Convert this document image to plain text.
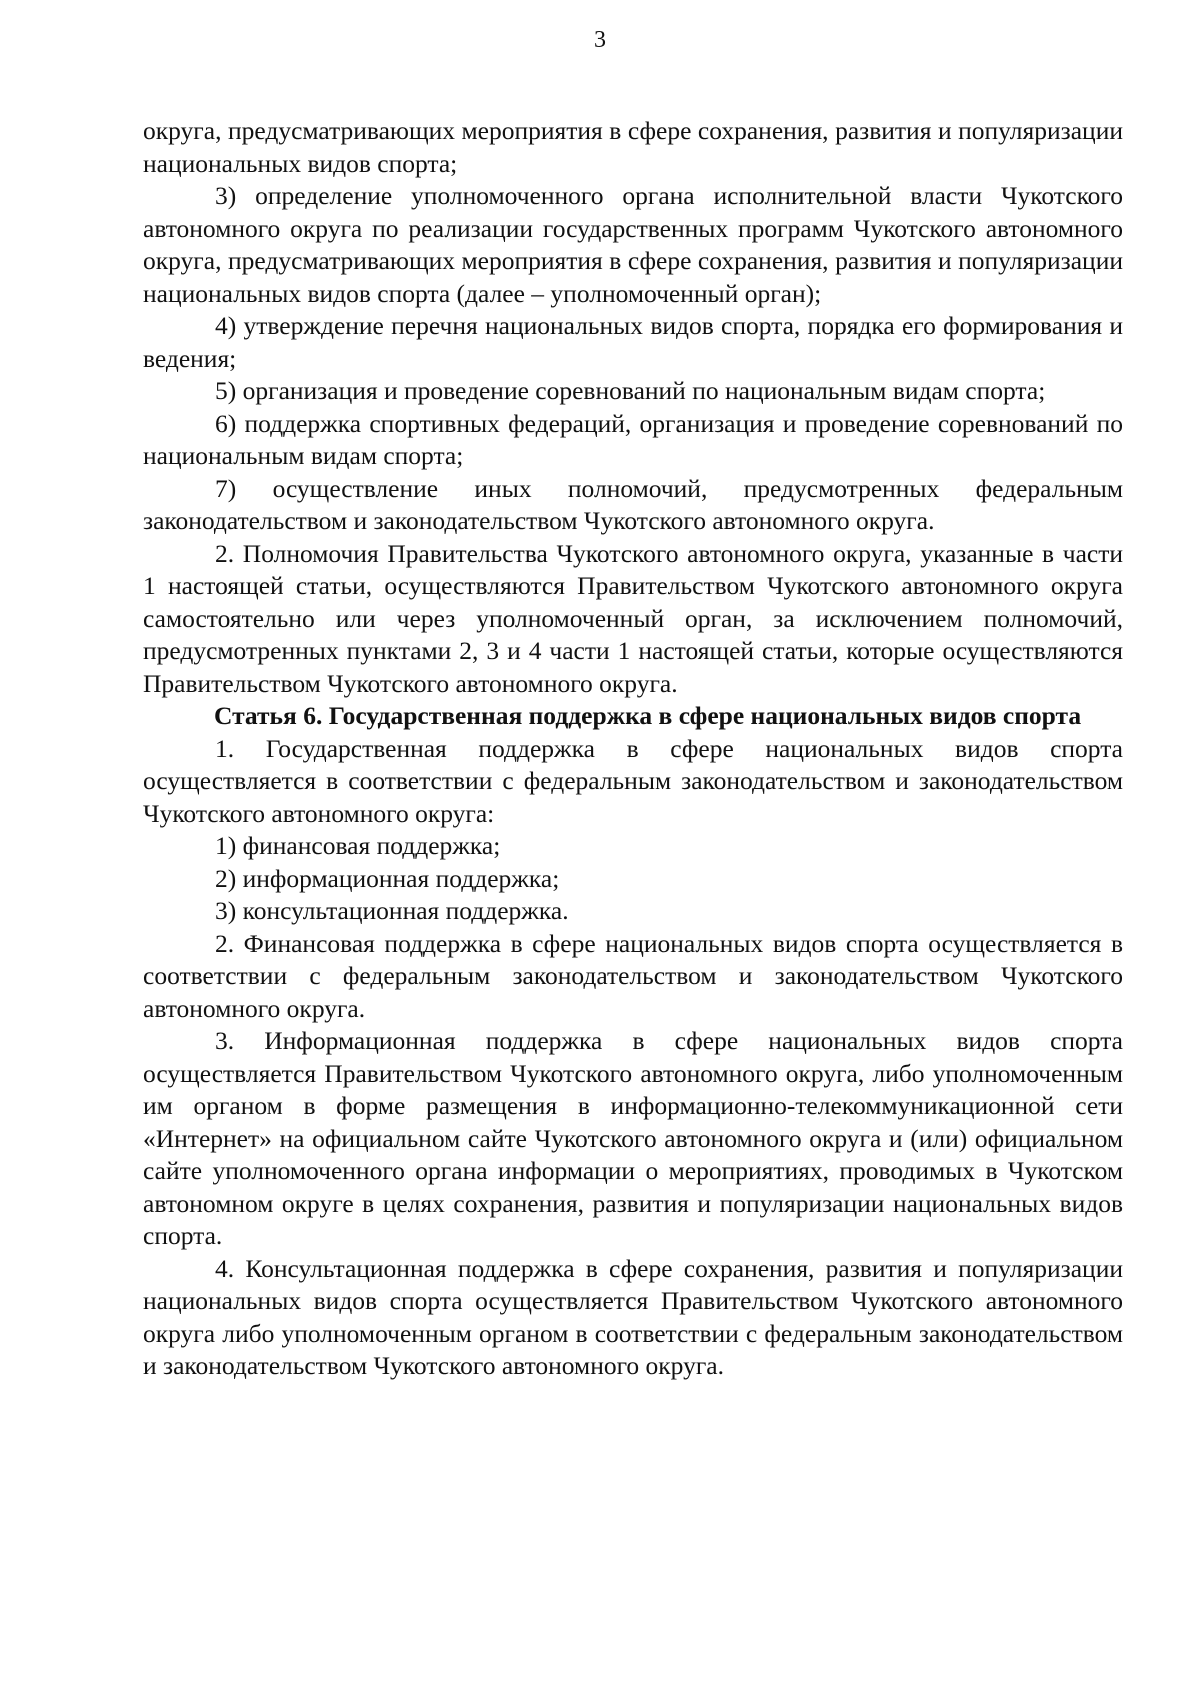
3

округа, предусматривающих мероприятия в сфере сохранения, развития и популяризации национальных видов спорта;

3) определение уполномоченного органа исполнительной власти Чукотского автономного округа по реализации государственных программ Чукотского автономного округа, предусматривающих мероприятия в сфере сохранения, развития и популяризации национальных видов спорта (далее – уполномоченный орган);

4) утверждение перечня национальных видов спорта, порядка его формирования и ведения;

5) организация и проведение соревнований по национальным видам спорта;

6) поддержка спортивных федераций, организация и проведение соревнований по национальным видам спорта;

7) осуществление иных полномочий, предусмотренных федеральным законодательством и законодательством Чукотского автономного округа.

2. Полномочия Правительства Чукотского автономного округа, указанные в части 1 настоящей статьи, осуществляются Правительством Чукотского автономного округа самостоятельно или через уполномоченный орган, за исключением полномочий, предусмотренных пунктами 2, 3 и 4 части 1 настоящей статьи, которые осуществляются Правительством Чукотского автономного округа.

Статья 6. Государственная поддержка в сфере национальных видов спорта

1. Государственная поддержка в сфере национальных видов спорта осуществляется в соответствии с федеральным законодательством и законодательством Чукотского автономного округа:

1) финансовая поддержка;

2) информационная поддержка;

3) консультационная поддержка.

2. Финансовая поддержка в сфере национальных видов спорта осуществляется в соответствии с федеральным законодательством и законодательством Чукотского автономного округа.

3. Информационная поддержка в сфере национальных видов спорта осуществляется Правительством Чукотского автономного округа, либо уполномоченным им органом в форме размещения в информационно-телекоммуникационной сети «Интернет» на официальном сайте Чукотского автономного округа и (или) официальном сайте уполномоченного органа информации о мероприятиях, проводимых в Чукотском автономном округе в целях сохранения, развития и популяризации национальных видов спорта.

4. Консультационная поддержка в сфере сохранения, развития и популяризации национальных видов спорта осуществляется Правительством Чукотского автономного округа либо уполномоченным органом в соответствии с федеральным законодательством и законодательством Чукотского автономного округа.
